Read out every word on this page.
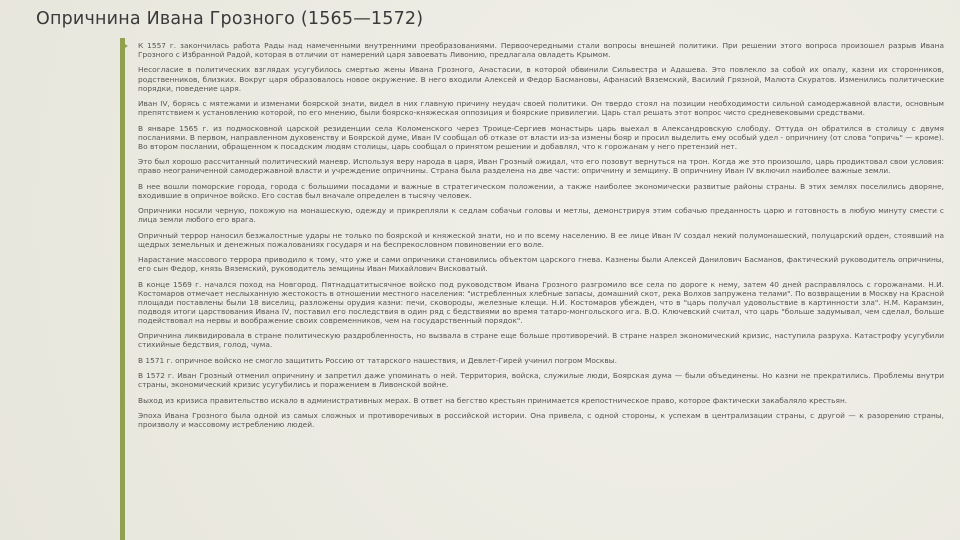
Опричнина Ивана Грозного (1565—1572)

К 1557 г. закончилась работа Рады над намеченными внутренними преобразованиями. Первоочередными стали вопросы внешней политики. При решении этого вопроса произошел разрыв Ивана Грозного с Избранной Радой, которая в отличии от намерений царя завоевать Ливонию, предлагала овладеть Крымом.

Несогласие в политических взглядах усугубилось смертью жены Ивана Грозного, Анастасии, в которой обвинили Сильвестра и Адашева. Это повлекло за собой их опалу, казни их сторонников, родственников, близких. Вокруг царя образовалось новое окружение. В него входили Алексей и Федор Басмановы, Афанасий Вяземский, Василий Грязной, Малюта Скуратов. Изменились политические порядки, поведение царя.

Иван IV, борясь с мятежами и изменами боярской знати, видел в них главную причину неудач своей политики. Он твердо стоял на позиции необходимости сильной самодержавной власти, основным препятствием к установлению которой, по его мнению, были боярско-княжеская оппозиция и боярские привилегии. Царь стал решать этот вопрос чисто средневековыми средствами.

В январе 1565 г. из подмосковной царской резиденции села Коломенского через Троице-Сергиев монастырь царь выехал в Александровскую слободу. Оттуда он обратился в столицу с двумя посланиями. В первом, направленном духовенству и Боярской думе, Иван IV сообщал об отказе от власти из-за измены бояр и просил выделить ему особый удел - опричнину (от слова "опричь" — кроме). Во втором послании, обращенном к посадским людям столицы, царь сообщал о принятом решении и добавлял, что к горожанам у него претензий нет.

Это был хорошо рассчитанный политический маневр. Используя веру народа в царя, Иван Грозный ожидал, что его позовут вернуться на трон. Когда же это произошло, царь продиктовал свои условия: право неограниченной самодержавной власти и учреждение опричнины. Страна была разделена на две части: опричнину и земщину. В опричнину Иван IV включил наиболее важные земли.

В нее вошли поморские города, города с большими посадами и важные в стратегическом положении, а также наиболее экономически развитые районы страны. В этих землях поселились дворяне, входившие в опричное войско. Его состав был вначале определен в тысячу человек.

Опричники носили черную, похожую на монашескую, одежду и прикрепляли к седлам собачьи головы и метлы, демонстрируя этим собачью преданность царю и готовность в любую минуту смести с лица земли любого его врага.

Опричный террор наносил безжалостные удары не только по боярской и княжеской знати, но и по всему населению. В ее лице Иван IV создал некий полумонашеский, полуцарский орден, стоявший на щедрых земельных и денежных пожалованиях государя и на беспрекословном повиновении его воле.

Нарастание массового террора приводило к тому, что уже и сами опричники становились объектом царского гнева. Казнены были Алексей Данилович Басманов, фактический руководитель опричнины, его сын Федор, князь Вяземский, руководитель земщины Иван Михайлович Висковатый.

В конце 1569 г. начался поход на Новгород. Пятнадцатитысячное войско под руководством Ивана Грозного разгромило все села по дороге к нему, затем 40 дней расправлялось с горожанами. Н.И. Костомаров отмечает неслыханную жестокость в отношении местного населения: "истребленных хлебные запасы, домашний скот, река Волхов запружена телами". По возвращении в Москву на Красной площади поставлены были 18 виселиц, разложены орудия казни: печи, сковороды, железные клещи. Н.И. Костомаров убежден, что в "царь получал удовольствие в картинности зла". Н.М. Карамзин, подводя итоги царствования Ивана IV, поставил его последствия в один ряд с бедствиями во время татаро-монгольского ига. В.О. Ключевский считал, что царь "больше задумывал, чем сделал, больше подействовал на нервы и воображение своих современников, чем на государственный порядок".

Опричнина ликвидировала в стране политическую раздробленность, но вызвала в стране еще больше противоречий. В стране назрел экономический кризис, наступила разруха. Катастрофу усугубили стихийные бедствия, голод, чума.

В 1571 г. опричное войско не смогло защитить Россию от татарского нашествия, и Девлет-Гирей учинил погром Москвы.

В 1572 г. Иван Грозный отменил опричнину и запретил даже упоминать о ней. Территория, войска, служилые люди, Боярская дума — были объединены. Но казни не прекратились. Проблемы внутри страны, экономический кризис усугубились и поражением в Ливонской войне.

Выход из кризиса правительство искало в административных мерах. В ответ на бегство крестьян принимается крепостническое право, которое фактически закабаляло крестьян.

Эпоха Ивана Грозного была одной из самых сложных и противоречивых в российской истории. Она привела, с одной стороны, к успехам в централизации страны, с другой — к разорению страны, произволу и массовому истреблению людей.
